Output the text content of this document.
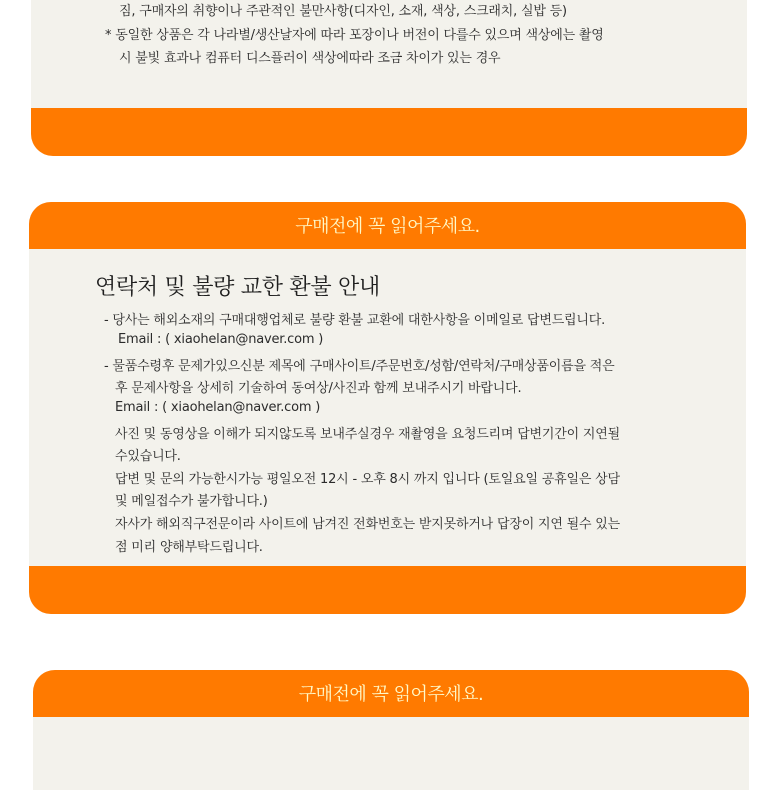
짐, 구매자의 취향이나 주관적인 불만사항(디자인, 소재, 색상, 스크래치, 실밥 등)
* 동일한 상품은 각 나라별/생산날자에 따라 포장이나 버전이 다를수 있으며 색상에는 촬영
시 불빛 효과나 컴퓨터 디스플러이 색상에따라 조금 차이가 있는 경우
구매전에 꼭 읽어주세요.
연락처 및 불량 교한 환불 안내
- 당사는 해외소재의 구매대행업체로 불량 환불 교환에 대한사항을 이메일로 답변드립니다.
Email : ( xiaohelan@naver.com )
- 물품수령후 문제가있으신분 제목에 구매사이트/주문번호/성함/연락처/구매상품이름을 적은
후 문제사항을 상세히 기술하여 동여상/사진과 함께 보내주시기 바랍니다.
Email : ( xiaohelan@naver.com )
사진 및 동영상을 이해가 되지않도록 보내주실경우 재촬영을 요청드리며 답변기간이 지연될
수있습니다.
답변 및 문의 가능한시가능 평일오전 12시 - 오후 8시 까지 입니다 (토일요일 공휴일은 상담
및 메일접수가 불가합니다.)
자사가 해외직구전문이라 사이트에 남겨진 전화번호는 받지못하거나 답장이 지연 될수 있는
점 미리 양해부탁드립니다.
구매전에 꼭 읽어주세요.
